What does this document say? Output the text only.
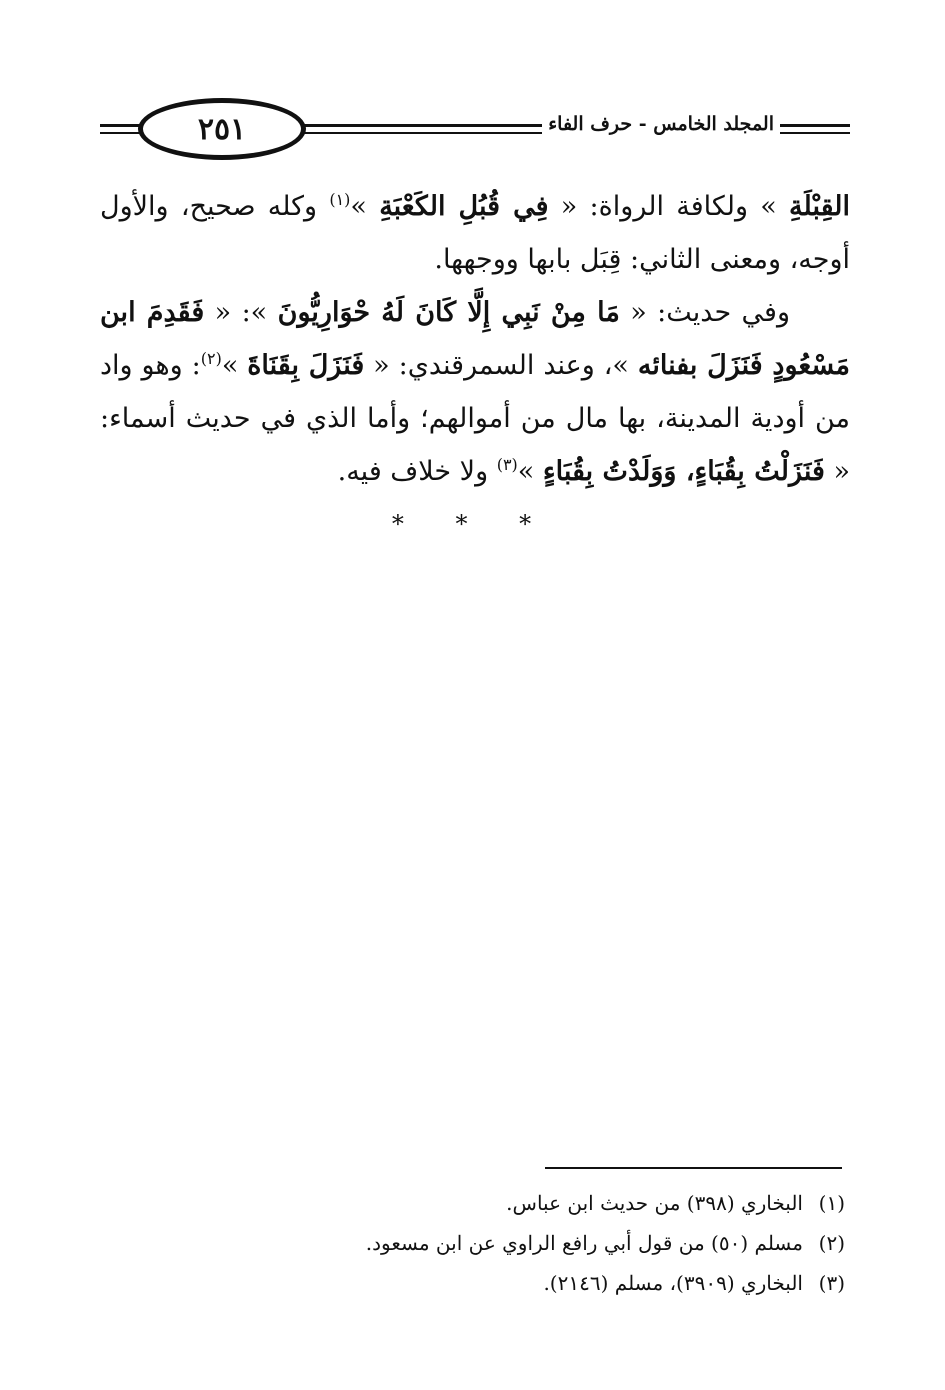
٢٥١	المجلد الخامس - حرف الفاء

القِبْلَةِ » ولكافة الرواة: « فِي قُبُلِ الكَعْبَةِ »$^{(١)}$ وكله صحيح، والأول أوجه، ومعنى الثاني: قِبَل بابها ووجهها.

وفي حديث: « مَا مِنْ نَبِي إِلَّا كَانَ لَهُ حْوَارِيُّونَ »: « فَقَدِمَ ابن مَسْعُودٍ فَنَزَلَ بفنائه »، وعند السمرقندي: « فَنَزَلَ بِقَنَاةَ »$^{(٢)}$: وهو واد من أودية المدينة، بها مال من أموالهم؛ وأما الذي في حديث أسماء: « فَنَزَلْتُ بِقُبَاءٍ، وَوَلَدْتُ بِقُبَاءٍ »$^{(٣)}$ ولا خلاف فيه.

* * *
(١)
البخاري (٣٩٨) من حديث ابن عباس.
(٢)
مسلم (٥٠) من قول أبي رافع الراوي عن ابن مسعود.
(٣)
البخاري (٣٩٠٩)، مسلم (٢١٤٦).
